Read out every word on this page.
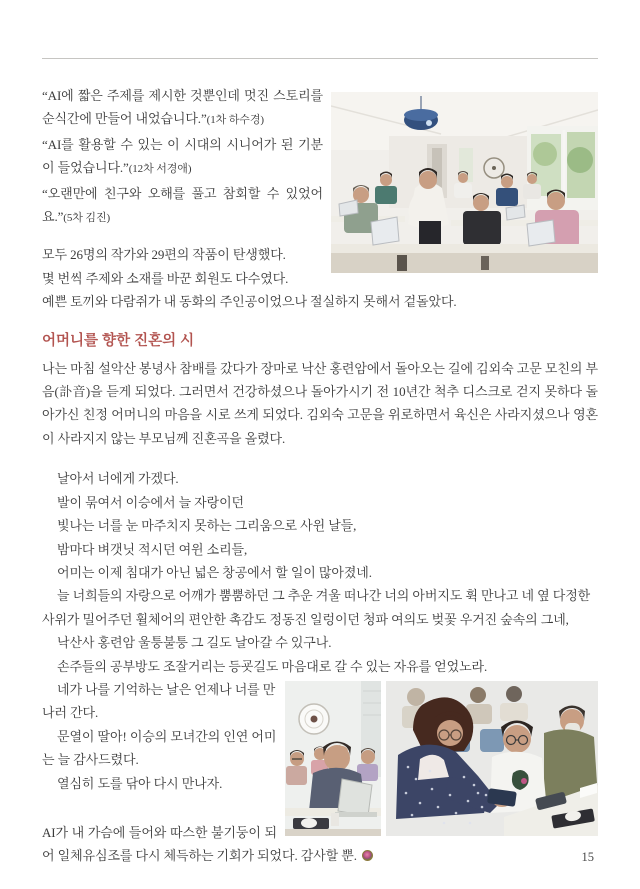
“AI에 짧은 주제를 제시한 것뿐인데 멋진 스토리를 순식간에 만들어 내었습니다.”(1차 하수경)

“AI를 활용할 수 있는 이 시대의 시니어가 된 기분이 들었습니다.”(12차 서경애)

“오랜만에 친구와 오해를 풀고 참회할 수 있었어요.”(5차 김진)

모두 26명의 작가와 29편의 작품이 탄생했다.
몇 번씩 주제와 소재를 바꾼 회원도 다수였다.
예쁜 토끼와 다람쥐가 내 동화의 주인공이었으나 절실하지 못해서 겉돌았다.
어머니를 향한 진혼의 시

나는 마침 설악산 봉녕사 참배를 갔다가 장마로 낙산 홍련암에서 돌아오는 길에 김외숙 고문 모친의 부음(訃音)을 듣게 되었다. 그러면서 건강하셨으나 돌아가시기 전 10년간 척추 디스크로 걷지 못하다 돌아가신 친정 어머니의 마음을 시로 쓰게 되었다. 김외숙 고문을 위로하면서 육신은 사라지셨으나 영혼이 사라지지 않는 부모님께 진혼곡을 올렸다.

날아서 너에게 가겠다.
발이 묶여서 이승에서 늘 자랑이던
빛나는 너를 눈 마주치지 못하는 그리움으로 사윈 날들,
밤마다 벼갯닛 적시던 여윈 소리들,
어미는 이제 침대가 아닌 넓은 창공에서 할 일이 많아졌네.
늘 너희들의 자랑으로 어깨가 뿜뿜하던 그 추운 겨울 떠나간 너의 아버지도 휙 만나고 네 옆 다정한 사위가 밀어주던 휠체어의 편안한 촉감도 정동진 일렁이던 청파 여의도 벚꽃 우거진 숲속의 그네,
낙산사 홍련암 울퉁불퉁 그 길도 날아갈 수 있구나.
손주들의 공부방도 조잘거리는 등굣길도 마음대로 갈 수 있는 자유를 얻었노라.
네가 나를 기억하는 날은 언제나 너를 만나러 간다.
문열이 딸아! 이승의 모녀간의 인연 어미는 늘 감사드렸다.
열심히 도를 닦아 다시 만나자.

AI가 내 가슴에 들어와 따스한 불기둥이 되어 일체유심조를 다시 체득하는 기회가 되었다. 감사할 뿐.	15
